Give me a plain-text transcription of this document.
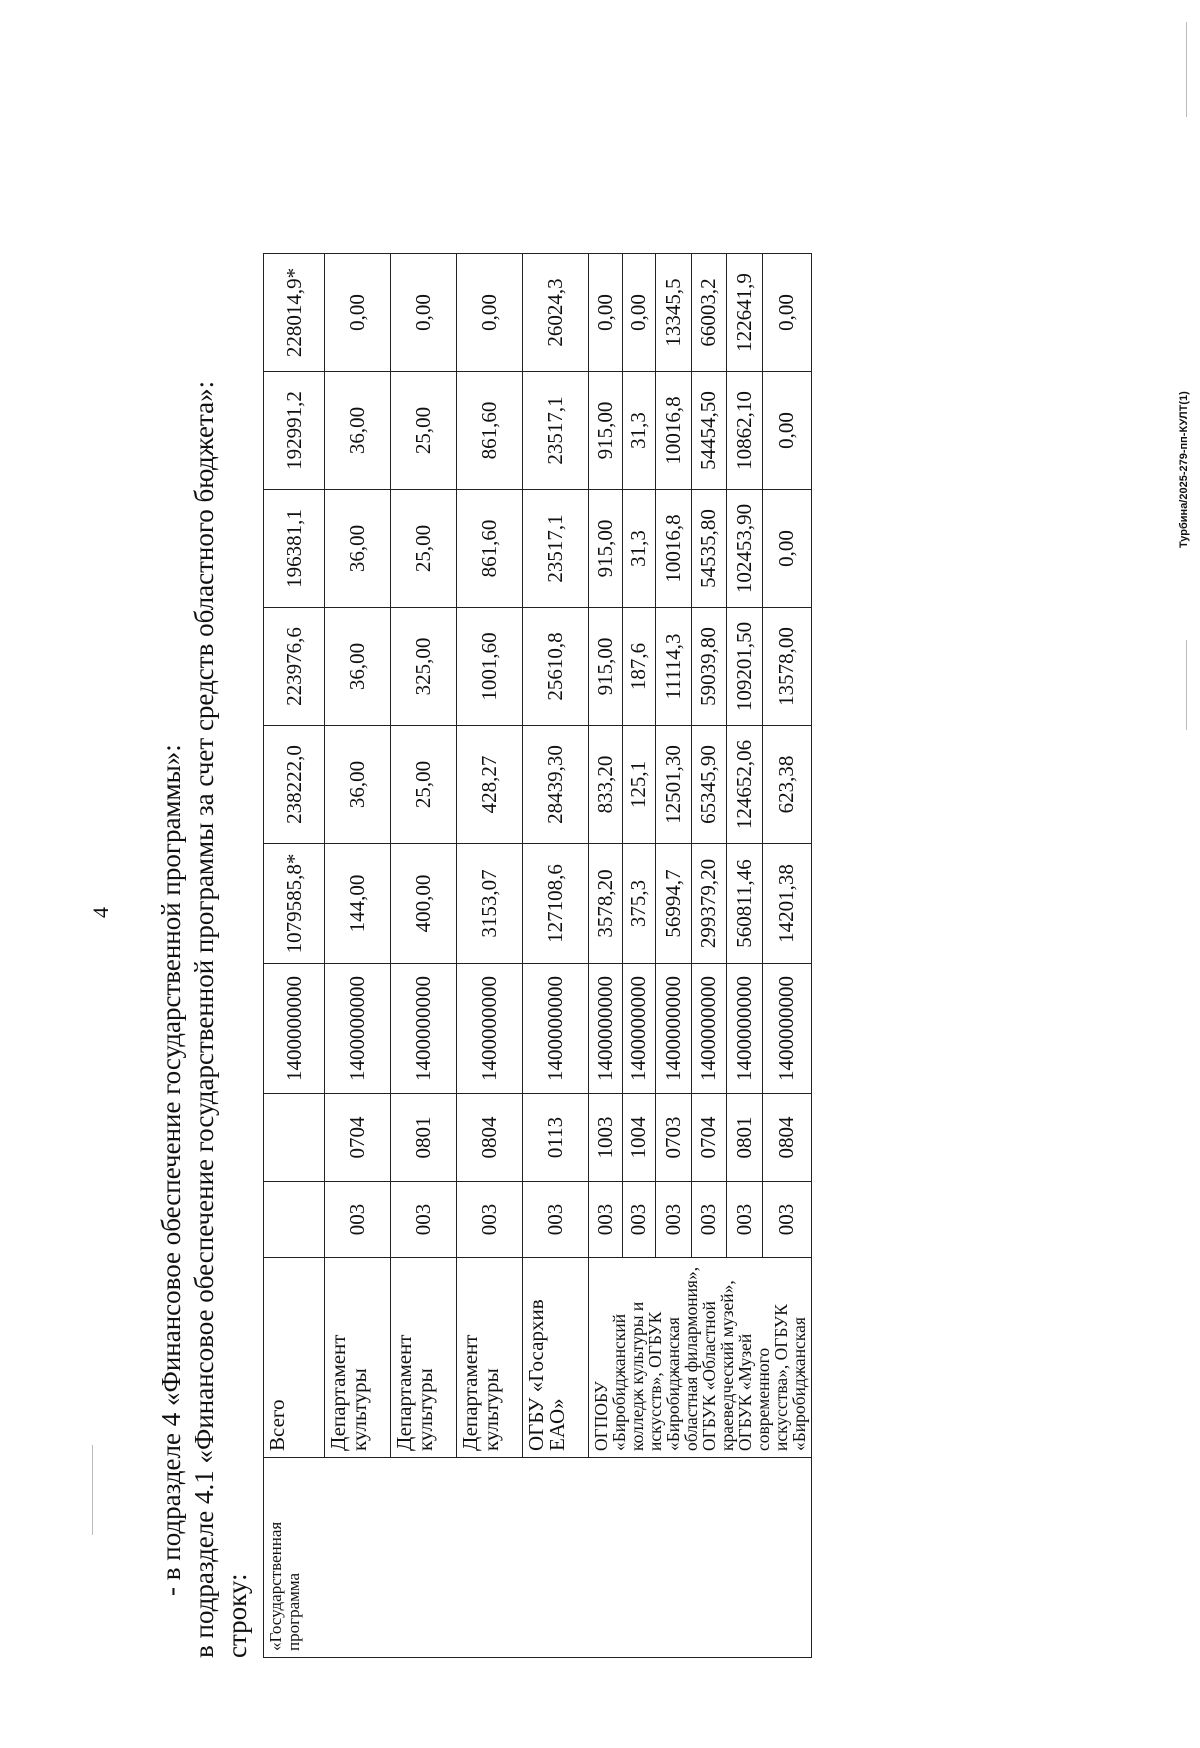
4 - в подразделе 4 «Финансовое обеспечение государственной программы»: в подразделе 4.1 «Финансовое обеспечение государственной программы за счет средств областного бюджета»: строку: «Государственная программа	Всего			1400000000	1079585,8*	238222,0	223976,6	196381,1	192991,2	228014,9*
	Департамент культуры	003	0704	1400000000	144,00	36,00	36,00	36,00	36,00	0,00
	Департамент культуры	003	0801	1400000000	400,00	25,00	325,00	25,00	25,00	0,00
	Департамент культуры	003	0804	1400000000	3153,07	428,27	1001,60	861,60	861,60	0,00
	ОГБУ «Госархив ЕАО»	003	0113	1400000000	127108,6	28439,30	25610,8	23517,1	23517,1	26024,3
	ОГПОБУ «Биробиджанский колледж культуры и искусств», ОГБУК «Биробиджанская областная филармония», ОГБУК «Областной краеведческий музей», ОГБУК «Музей современного искусства», ОГБУК «Биробиджанская	003	1003	1400000000	3578,20	833,20	915,00	915,00	915,00	0,00
		003	1004	1400000000	375,3	125,1	187,6	31,3	31,3	0,00
		003	0703	1400000000	56994,7	12501,30	11114,3	10016,8	10016,8	13345,5
		003	0704	1400000000	299379,20	65345,90	59039,80	54535,80	54454,50	66003,2
		003	0801	1400000000	560811,46	124652,06	109201,50	102453,90	10862,10	122641,9
		003	0804	1400000000	14201,38	623,38	13578,00	0,00	0,00	0,00
Турбина/2025-279-пп-КУЛТ(1)
